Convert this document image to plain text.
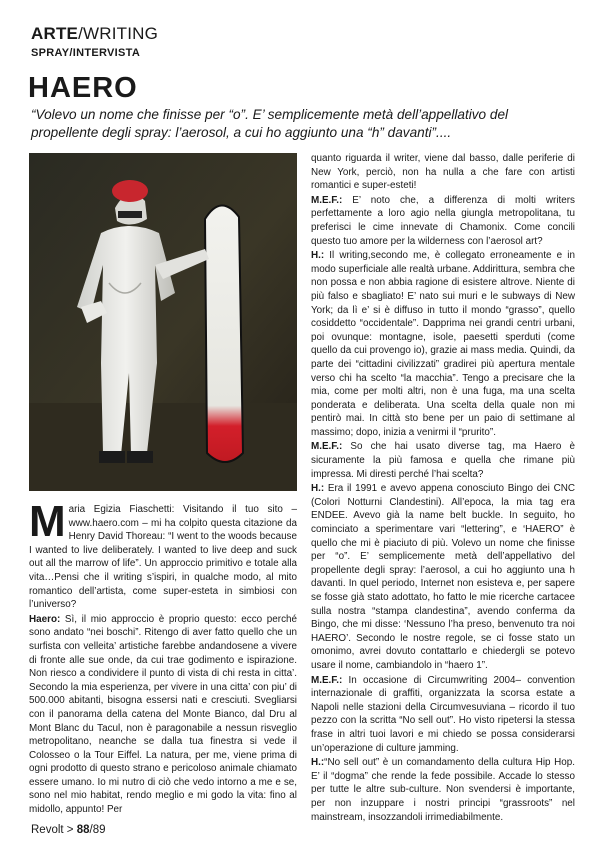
ARTE/WRITING
SPRAY/INTERVISTA
HAERO
“Volevo un nome che finisse per “o”. E’ semplicemente metà dell’appellativo del propellente degli spray: l’aerosol, a cui ho aggiunto una “h” davanti”....

Maria Egizia Fiaschetti: Visitando il tuo sito – www.haero.com – mi ha colpito questa citazione da Henry David Thoreau: “I went to the woods because I wanted to live deliberately. I wanted to live deep and suck out all the marrow of life”. Un approccio primitivo e totale alla vita…Pensi che il writing s’ispiri, in qualche modo, al mito romantico dell’artista, come super-esteta in simbiosi con l’universo?

Haero: Sì, il mio approccio è proprio questo: ecco perché sono andato “nei boschi”. Ritengo di aver fatto quello che un surfista con velleita’ artistiche farebbe andandosene a vivere di fronte alle sue onde, da cui trae godimento e ispirazione. Non riesco a condividere il punto di vista di chi resta in citta’. Secondo la mia esperienza, per vivere in una citta’ con piu’ di 500.000 abitanti, bisogna essersi nati e cresciuti. Svegliarsi con il panorama della catena del Monte Bianco, dal Dru al Mont Blanc du Tacul, non è paragonabile a nessun risveglio metropolitano, neanche se dalla tua finestra si vede il Colosseo o la Tour Eiffel. La natura, per me, viene prima di ogni prodotto di questo strano e pericoloso animale chiamato essere umano. Io mi nutro di ciò che vedo intorno a me e se, sono nel mio habitat, rendo meglio e mi godo la vita: fino al midollo, appunto! Per

quanto riguarda il writer, viene dal basso, dalle periferie di New York, perciò, non ha nulla a che fare con artisti romantici e super-esteti!

M.E.F.: E’ noto che, a differenza di molti writers perfettamente a loro agio nella giungla metropolitana, tu preferisci le cime innevate di Chamonix. Come concili questo tuo amore per la wilderness con l’aerosol art?

H.: Il writing,secondo me, è collegato erroneamente e in modo superficiale alle realtà urbane. Addirittura, sembra che non possa e non abbia ragione di esistere altrove. Niente di più falso e sbagliato! E’ nato sui muri e le subways di New York; da lì e’ si è diffuso in tutto il mondo “grasso”, quello cosiddetto “occidentale”. Dapprima nei grandi centri urbani, poi ovunque: montagne, isole, paesetti sperduti (come quello da cui provengo io), grazie ai mass media. Quindi, da parte dei “cittadini civilizzati” gradirei più apertura mentale verso chi ha scelto “la macchia”. Tengo a precisare che la mia, come per molti altri, non è una fuga, ma una scelta ponderata e deliberata. Una scelta della quale non mi pentirò mai. In città sto bene per un paio di settimane al massimo; dopo, inizia a venirmi il “prurito”.

M.E.F.: So che hai usato diverse tag, ma Haero è sicuramente la più famosa e quella che rimane più impressa. Mi diresti perché l’hai scelta?

H.: Era il 1991 e avevo appena conosciuto Bingo dei CNC (Colori Notturni Clandestini). All’epoca, la mia tag era ENDEE. Avevo già la name belt buckle. In seguito, ho cominciato a sperimentare vari “lettering”, e ‘HAERO” è quello che mi è piaciuto di più. Volevo un nome che finisse per “o”. E’ semplicemente metà dell’appellativo del propellente degli spray: l’aerosol, a cui ho aggiunto una h davanti. In quel periodo, Internet non esisteva e, per sapere se fosse già stato adottato, ho fatto le mie ricerche cartacee sulla nostra “stampa clandestina”, avendo conferma da Bingo, che mi disse: ‘Nessuno l’ha preso, benvenuto tra noi HAERO’. Secondo le nostre regole, se ci fosse stato un omonimo, avrei dovuto contattarlo e chiedergli se potevo usare il nome, cambiandolo in “haero 1”.

M.E.F.: In occasione di Circumwriting 2004– convention internazionale di graffiti, organizzata la scorsa estate a Napoli nelle stazioni della Circumvesuviana – ricordo il tuo pezzo con la scritta “No sell out”. Ho visto ripetersi la stessa frase in altri tuoi lavori e mi chiedo se possa considerarsi un’operazione di culture jamming.

H.:“No sell out” è un comandamento della cultura Hip Hop. E’ il “dogma” che rende la fede possibile. Accade lo stesso per tutte le altre sub-culture. Non svendersi è importante, per non inzuppare i nostri principi “grassroots” nel mainstream, insozzandoli irrimediabilmente.

Revolt > 88/89
